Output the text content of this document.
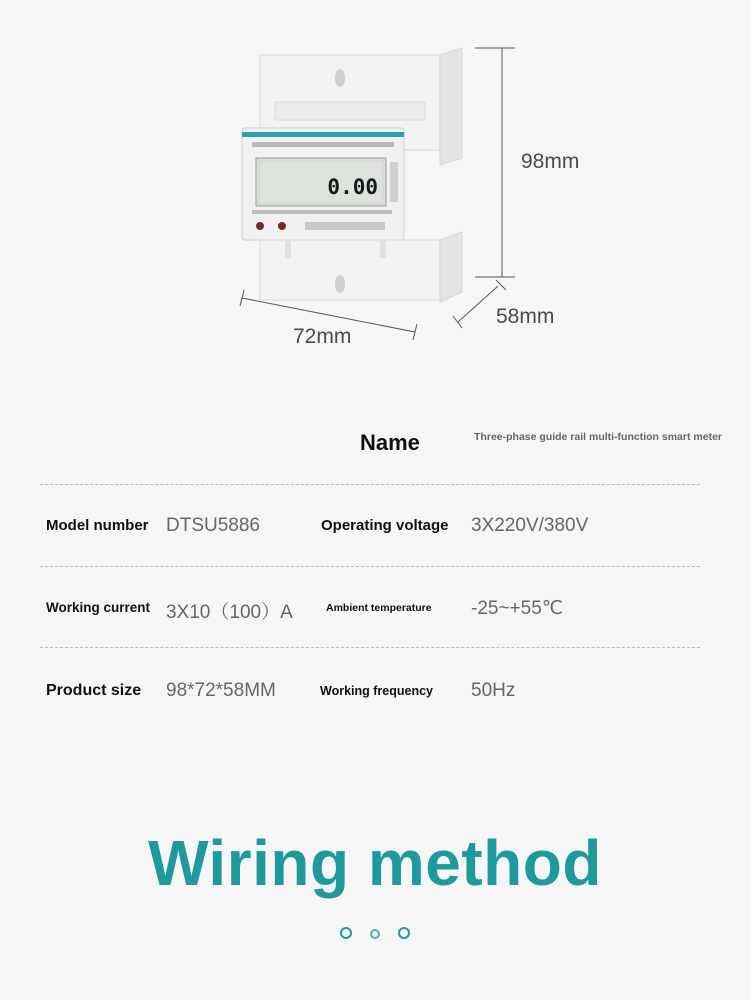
0.00
98mm
58mm
72mm
Name	Three-phase guide rail multi-function smart meter
Model number DTSU5886	Operating voltage 3X220V/380V
Working current 3X10（100）A	Ambient temperature -25~+55℃
Product size 98*72*58MM	Working frequency 50Hz
Wiring method
